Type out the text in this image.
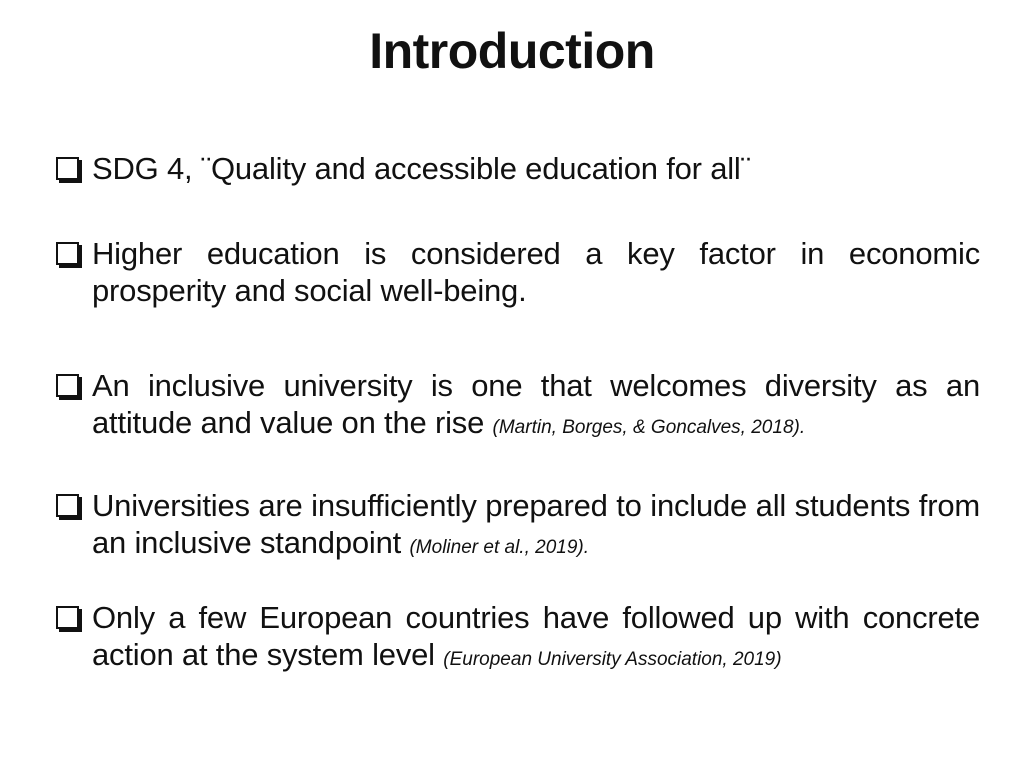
Introduction
SDG 4, ¨Quality and accessible education for all¨
Higher education is considered a key factor in economic prosperity and social well-being.
An inclusive university is one that welcomes diversity as an attitude and value on the rise (Martin, Borges, & Goncalves, 2018).
Universities are insufficiently prepared to include all students from an inclusive standpoint (Moliner et al., 2019).
Only a few European countries have followed up with concrete action at the system level (European University Association, 2019)
